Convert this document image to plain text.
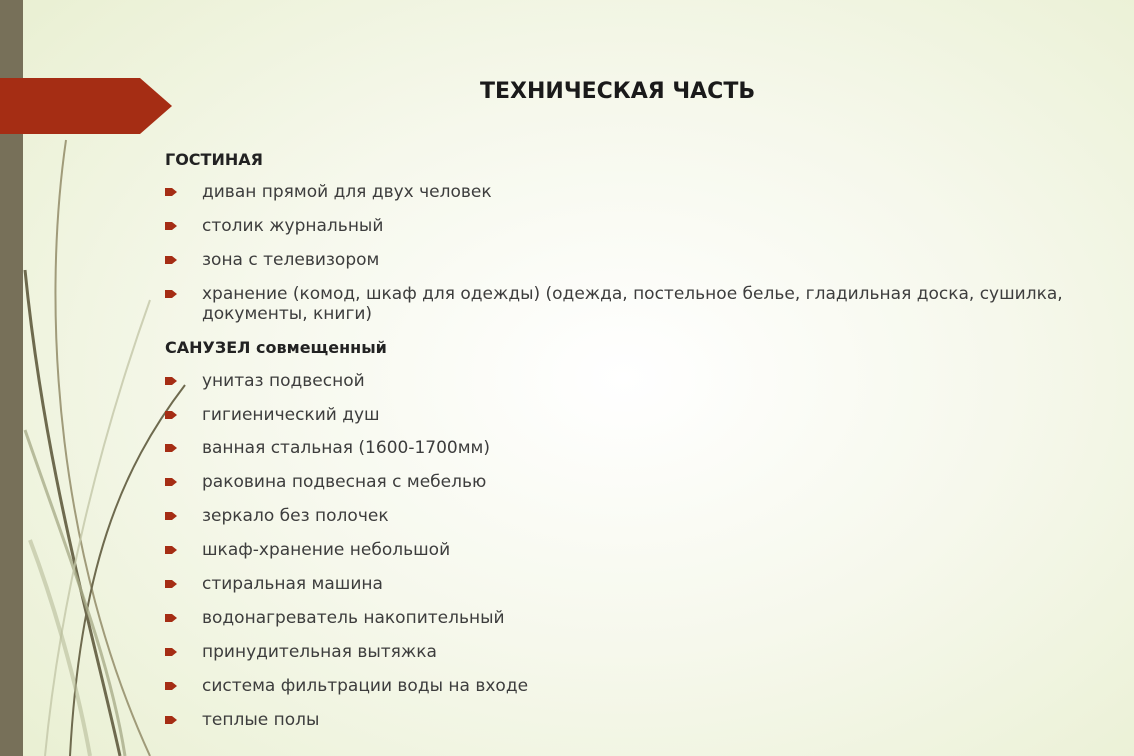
ТЕХНИЧЕСКАЯ ЧАСТЬ
ГОСТИНАЯ
диван прямой для двух человек
столик журнальный
зона с телевизором
хранение (комод, шкаф для одежды) (одежда, постельное белье, гладильная доска, сушилка, документы, книги)
САНУЗЕЛ совмещенный
унитаз подвесной
гигиенический душ
ванная стальная (1600-1700мм)
раковина подвесная с мебелью
зеркало без полочек
шкаф-хранение небольшой
стиральная машина
водонагреватель накопительный
принудительная вытяжка
система фильтрации воды на входе
теплые полы
